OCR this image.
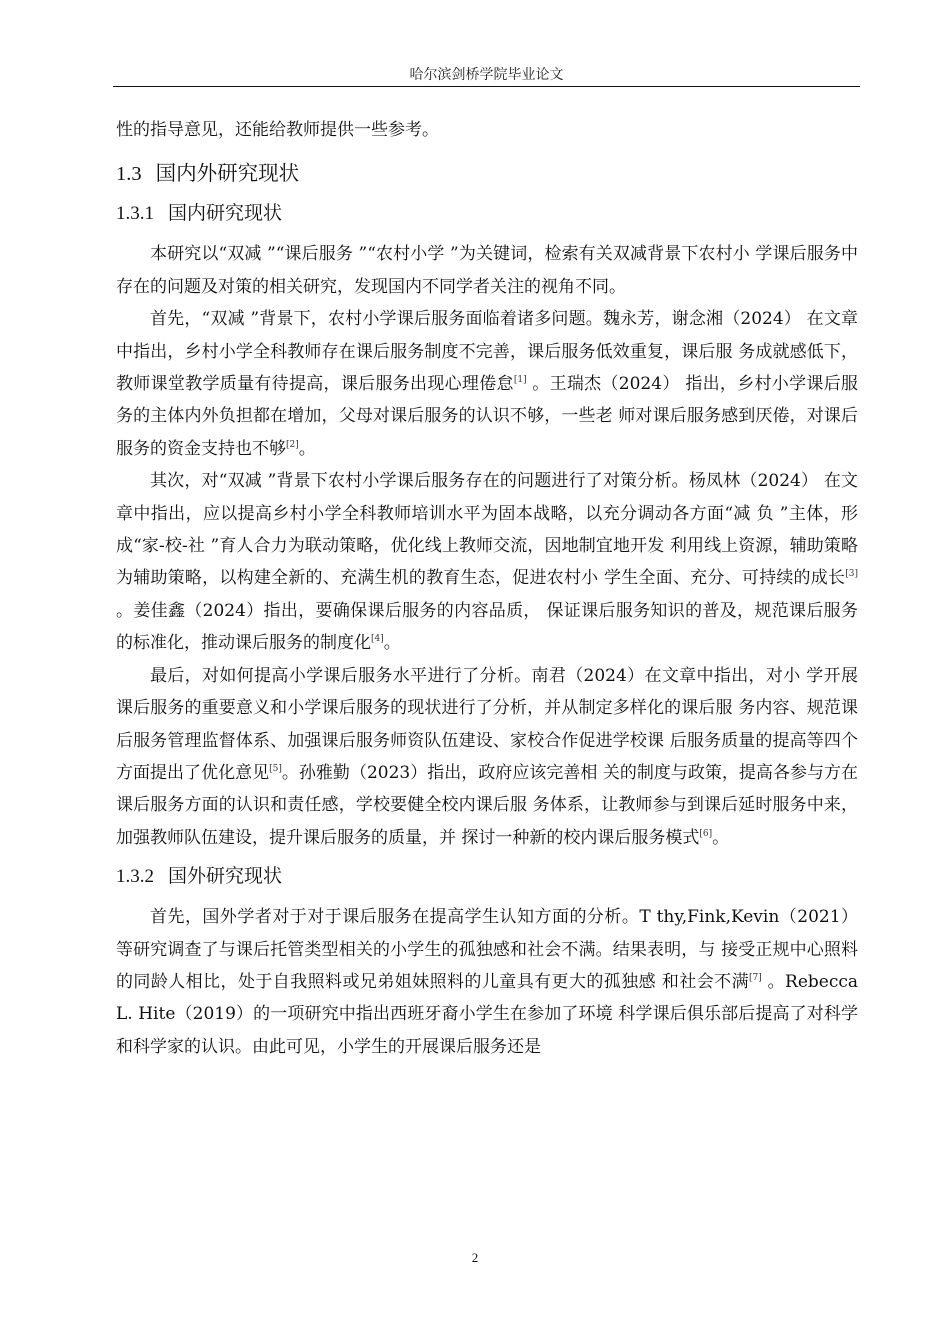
哈尔滨剑桥学院毕业论文

性的指导意见，还能给教师提供一些参考。

1.3 国内外研究现状
1.3.1 国内研究现状

本研究以“双减 ”“课后服务 ”“农村小学 ”为关键词，检索有关双减背景下农村小 学课后服务中存在的问题及对策的相关研究，发现国内不同学者关注的视角不同。

首先，“双减 ”背景下，农村小学课后服务面临着诸多问题。魏永芳，谢念湘（2024） 在文章中指出，乡村小学全科教师存在课后服务制度不完善，课后服务低效重复，课后服 务成就感低下，教师课堂教学质量有待提高，课后服务出现心理倦怠[1] 。王瑞杰（2024） 指出，乡村小学课后服务的主体内外负担都在增加，父母对课后服务的认识不够，一些老 师对课后服务感到厌倦，对课后服务的资金支持也不够[2]。

其次，对“双减 ”背景下农村小学课后服务存在的问题进行了对策分析。杨凤林（2024） 在文章中指出，应以提高乡村小学全科教师培训水平为固本战略，以充分调动各方面“减 负 ”主体，形成“家-校-社 ”育人合力为联动策略，优化线上教师交流，因地制宜地开发 利用线上资源，辅助策略为辅助策略，以构建全新的、充满生机的教育生态，促进农村小 学生全面、充分、可持续的成长[3] 。姜佳鑫（2024）指出，要确保课后服务的内容品质， 保证课后服务知识的普及，规范课后服务的标准化，推动课后服务的制度化[4]。

最后，对如何提高小学课后服务水平进行了分析。南君（2024）在文章中指出，对小 学开展课后服务的重要意义和小学课后服务的现状进行了分析，并从制定多样化的课后服 务内容、规范课后服务管理监督体系、加强课后服务师资队伍建设、家校合作促进学校课 后服务质量的提高等四个方面提出了优化意见[5]。孙雅勤（2023）指出，政府应该完善相 关的制度与政策，提高各参与方在课后服务方面的认识和责任感，学校要健全校内课后服 务体系，让教师参与到课后延时服务中来，加强教师队伍建设，提升课后服务的质量，并 探讨一种新的校内课后服务模式[6]。

1.3.2 国外研究现状

首先，国外学者对于对于课后服务在提高学生认知方面的分析。T thy,Fink,Kevin（2021）等研究调查了与课后托管类型相关的小学生的孤独感和社会不满。结果表明，与 接受正规中心照料的同龄人相比，处于自我照料或兄弟姐妹照料的儿童具有更大的孤独感 和社会不满[7] 。Rebecca L. Hite（2019）的一项研究中指出西班牙裔小学生在参加了环境 科学课后俱乐部后提高了对科学和科学家的认识。由此可见，小学生的开展课后服务还是

2
